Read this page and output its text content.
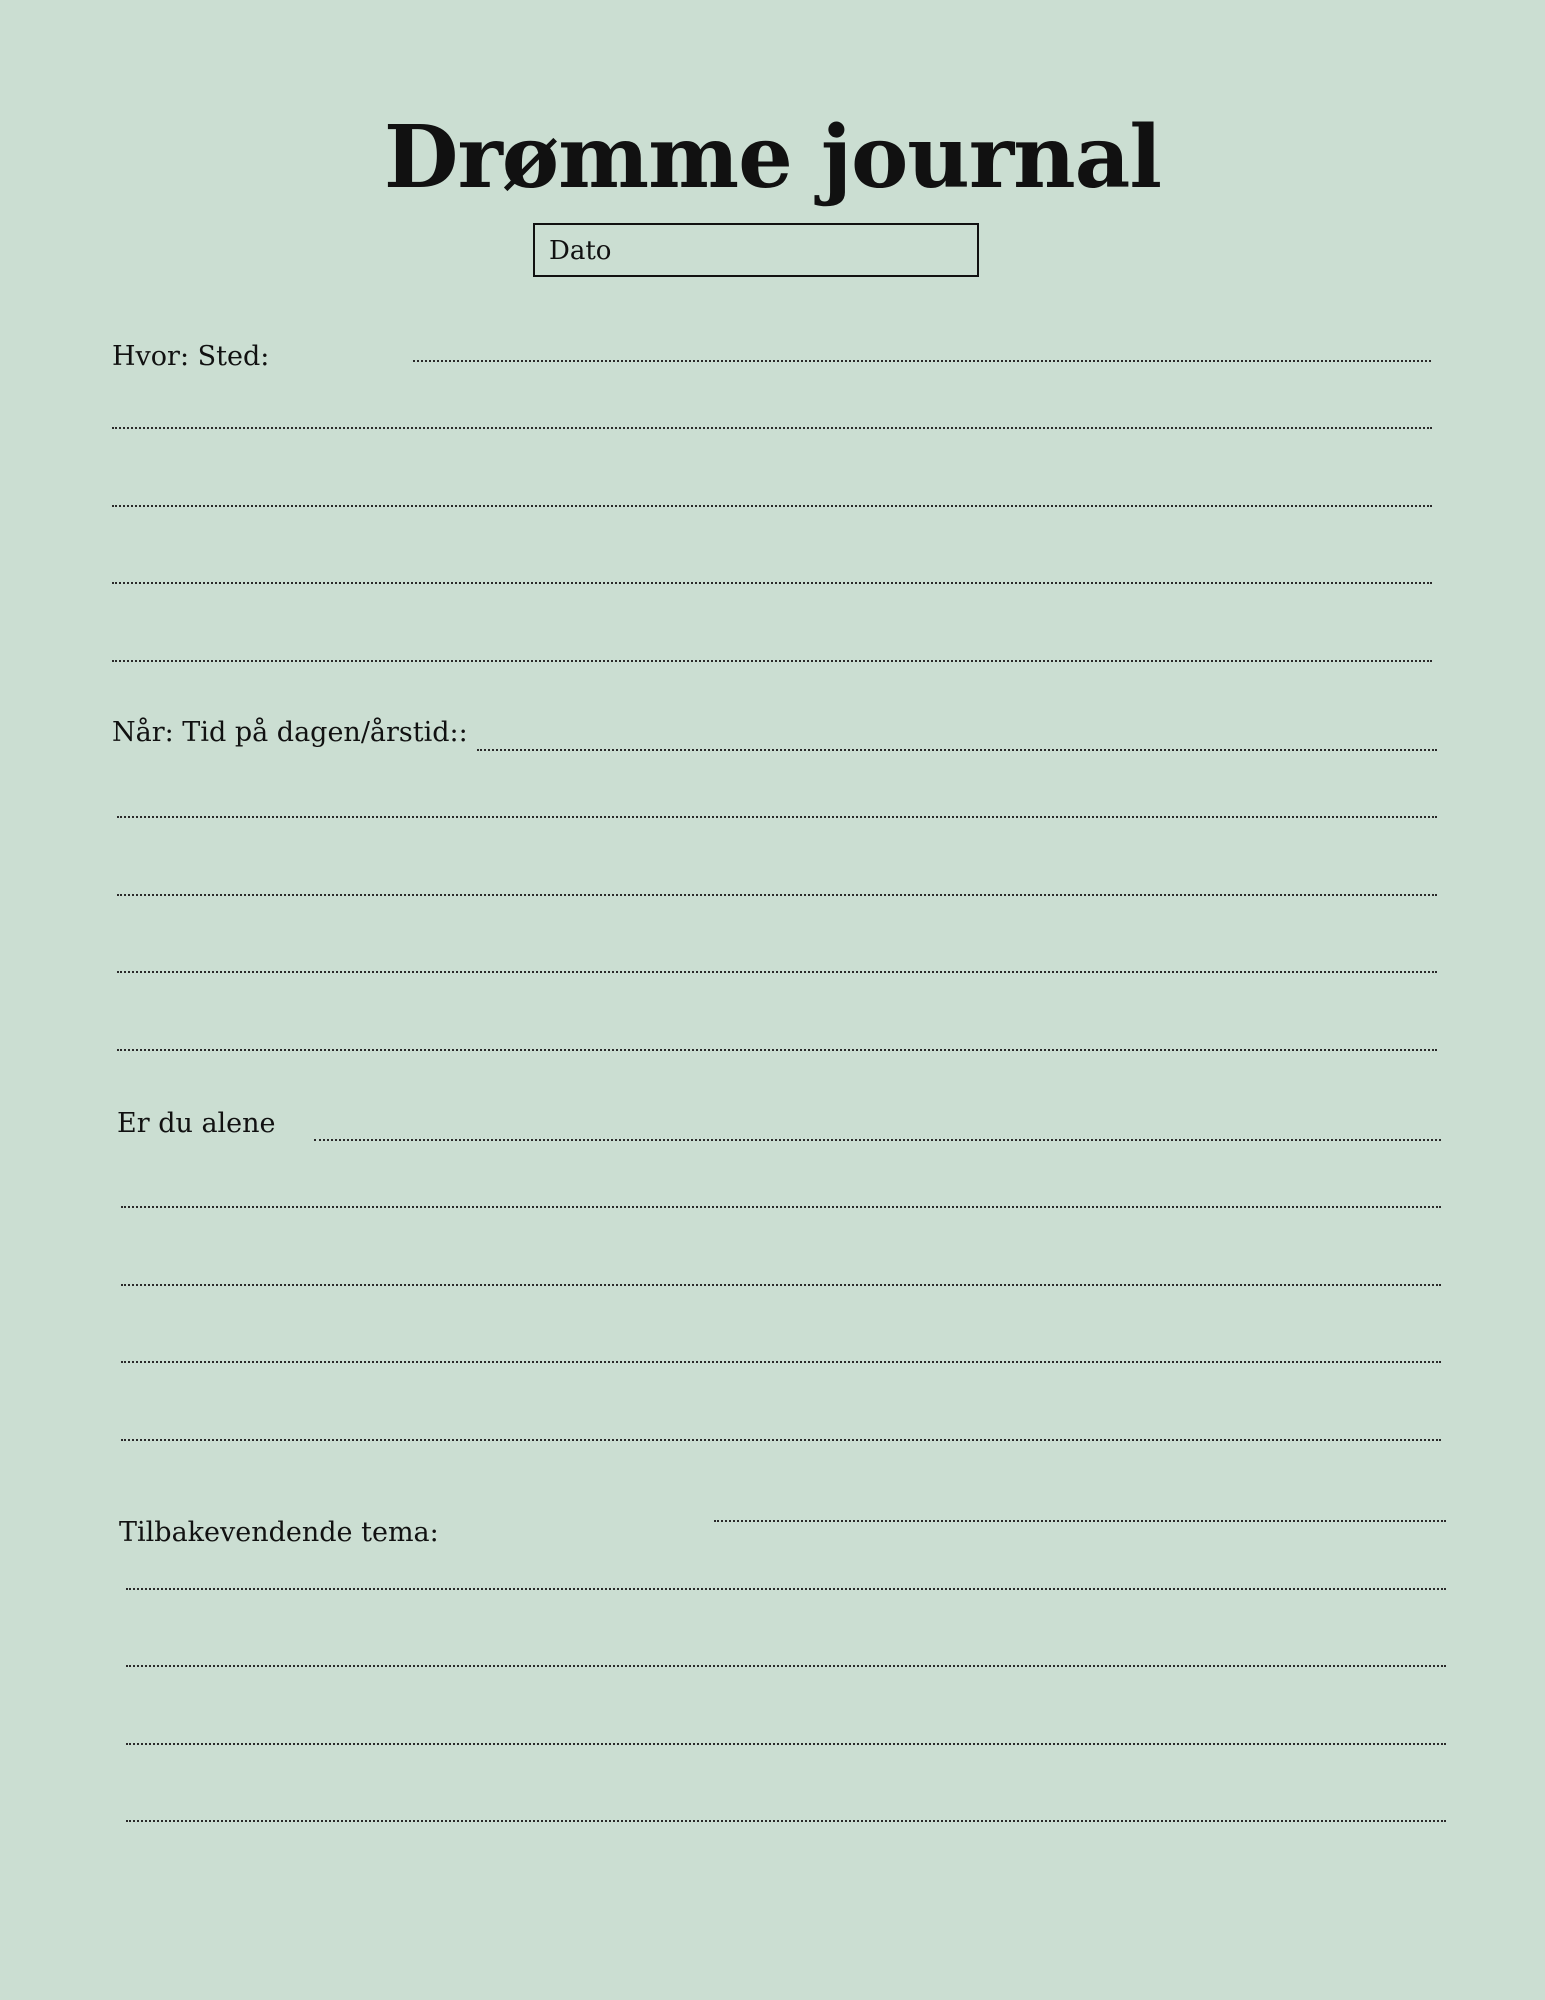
Drømme journal
Dato
Hvor: Sted:
Når: Tid på dagen/årstid::
Er du alene
Tilbakevendende tema:
